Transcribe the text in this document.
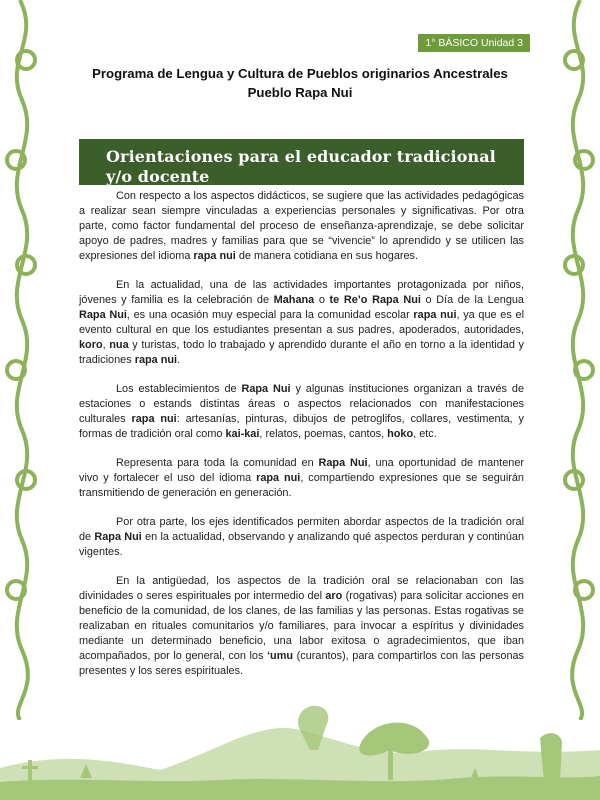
1° BÁSICO Unidad 3
Programa de Lengua y Cultura de Pueblos originarios Ancestrales
Pueblo Rapa Nui
Orientaciones para el educador tradicional y/o docente

Con respecto a los aspectos didácticos, se sugiere que las actividades pedagógicas a realizar sean siempre vinculadas a experiencias personales y significativas. Por otra parte, como factor fundamental del proceso de enseñanza-aprendizaje, se debe solicitar apoyo de padres, madres y familias para que se “vivencie” lo aprendido y se utilicen las expresiones del idioma rapa nui de manera cotidiana en sus hogares.

En la actualidad, una de las actividades importantes protagonizada por niños, jóvenes y familia es la celebración de Mahana o te Re’o Rapa Nui o Día de la Lengua Rapa Nui, es una ocasión muy especial para la comunidad escolar rapa nui, ya que es el evento cultural en que los estudiantes presentan a sus padres, apoderados, autoridades, koro, nua y turistas, todo lo trabajado y aprendido durante el año en torno a la identidad y tradiciones rapa nui.

Los establecimientos de Rapa Nui y algunas instituciones organizan a través de estaciones o estands distintas áreas o aspectos relacionados con manifestaciones culturales rapa nui: artesanías, pinturas, dibujos de petroglifos, collares, vestimenta, y formas de tradición oral como kai-kai, relatos, poemas, cantos, hoko, etc.

Representa para toda la comunidad en Rapa Nui, una oportunidad de mantener vivo y fortalecer el uso del idioma rapa nui, compartiendo expresiones que se seguirán transmitiendo de generación en generación.

Por otra parte, los ejes identificados permiten abordar aspectos de la tradición oral de Rapa Nui en la actualidad, observando y analizando qué aspectos perduran y continúan vigentes.

En la antigüedad, los aspectos de la tradición oral se relacionaban con las divinidades o seres espirituales por intermedio del aro (rogativas) para solicitar acciones en beneficio de la comunidad, de los clanes, de las familias y las personas. Estas rogativas se realizaban en rituales comunitarios y/o familiares, para invocar a espíritus y divinidades mediante un determinado beneficio, una labor exitosa o agradecimientos, que iban acompañados, por lo general, con los ‘umu (curantos), para compartirlos con las personas presentes y los seres espirituales.
